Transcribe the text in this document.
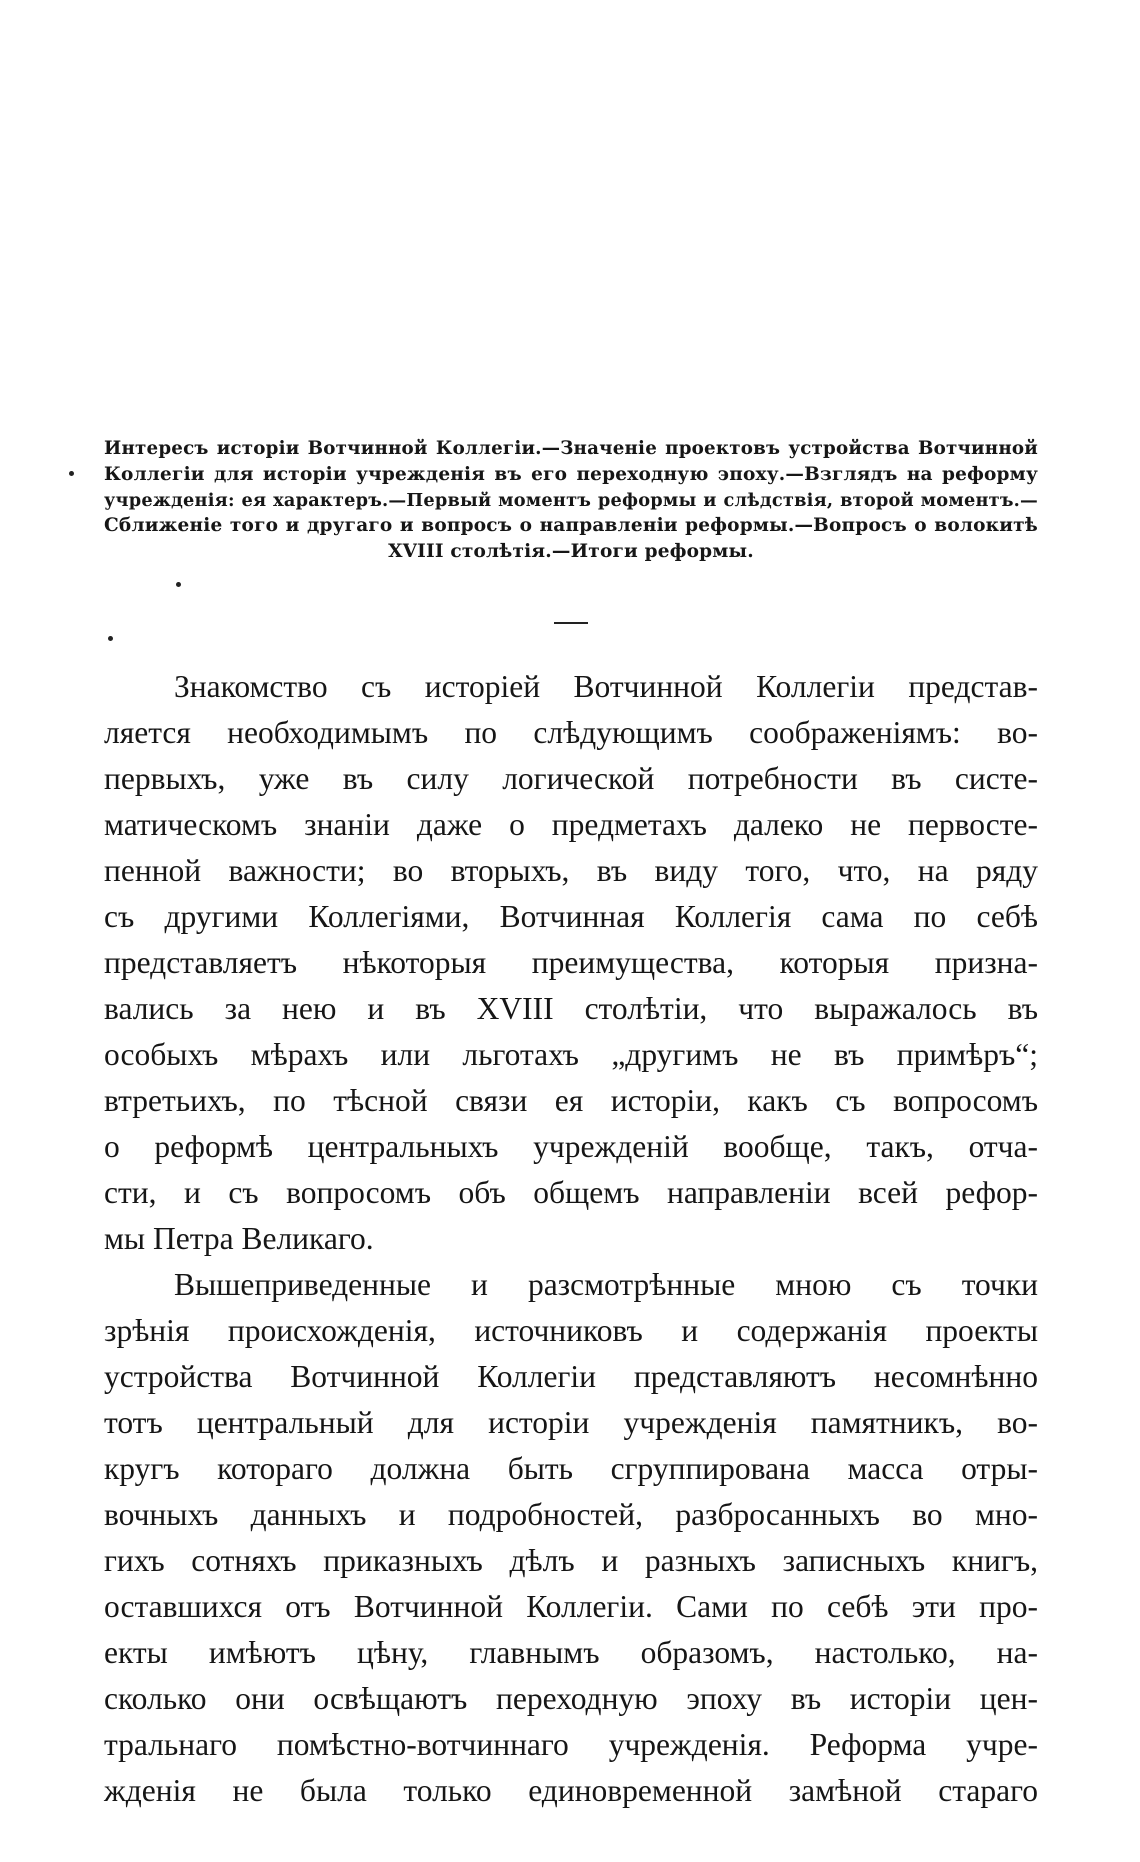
Интересъ исторіи Вотчинной Коллегіи.—Значеніе проектовъ устройства Вотчинной
Коллегіи для исторіи учрежденія въ его переходную эпоху.—Взглядъ на реформу
учрежденія: ея характеръ.—Первый моментъ реформы и слѣдствія, второй моментъ.—
Сближеніе того и другаго и вопросъ о направленіи реформы.—Вопросъ о волокитѣ
XVIII столѣтія.—Итоги реформы.
Знакомство съ исторіей Вотчинной Коллегіи представ-
ляется необходимымъ по слѣдующимъ соображеніямъ: во-
первыхъ, уже въ силу логической потребности въ систе-
матическомъ знаніи даже о предметахъ далеко не первосте-
пенной важности; во вторыхъ, въ виду того, что, на ряду
съ другими Коллегіями, Вотчинная Коллегія сама по себѣ
представляетъ нѣкоторыя преимущества, которыя призна-
вались за нею и въ XVIII столѣтіи, что выражалось въ
особыхъ мѣрахъ или льготахъ „другимъ не въ примѣръ“;
втретьихъ, по тѣсной связи ея исторіи, какъ съ вопросомъ
о реформѣ центральныхъ учрежденій вообще, такъ, отча-
сти, и съ вопросомъ объ общемъ направленіи всей рефор-
мы Петра Великаго.
Вышеприведенные и разсмотрѣнные мною съ точки
зрѣнія происхожденія, источниковъ и содержанія проекты
устройства Вотчинной Коллегіи представляютъ несомнѣнно
тотъ центральный для исторіи учрежденія памятникъ, во-
кругъ котораго должна быть сгруппирована масса отры-
вочныхъ данныхъ и подробностей, разбросанныхъ во мно-
гихъ сотняхъ приказныхъ дѣлъ и разныхъ записныхъ книгъ,
оставшихся отъ Вотчинной Коллегіи. Сами по себѣ эти про-
екты имѣютъ цѣну, главнымъ образомъ, настолько, на-
сколько они освѣщаютъ переходную эпоху въ исторіи цен-
тральнаго помѣстно-вотчиннаго учрежденія. Реформа учре-
жденія не была только единовременной замѣной стараго
